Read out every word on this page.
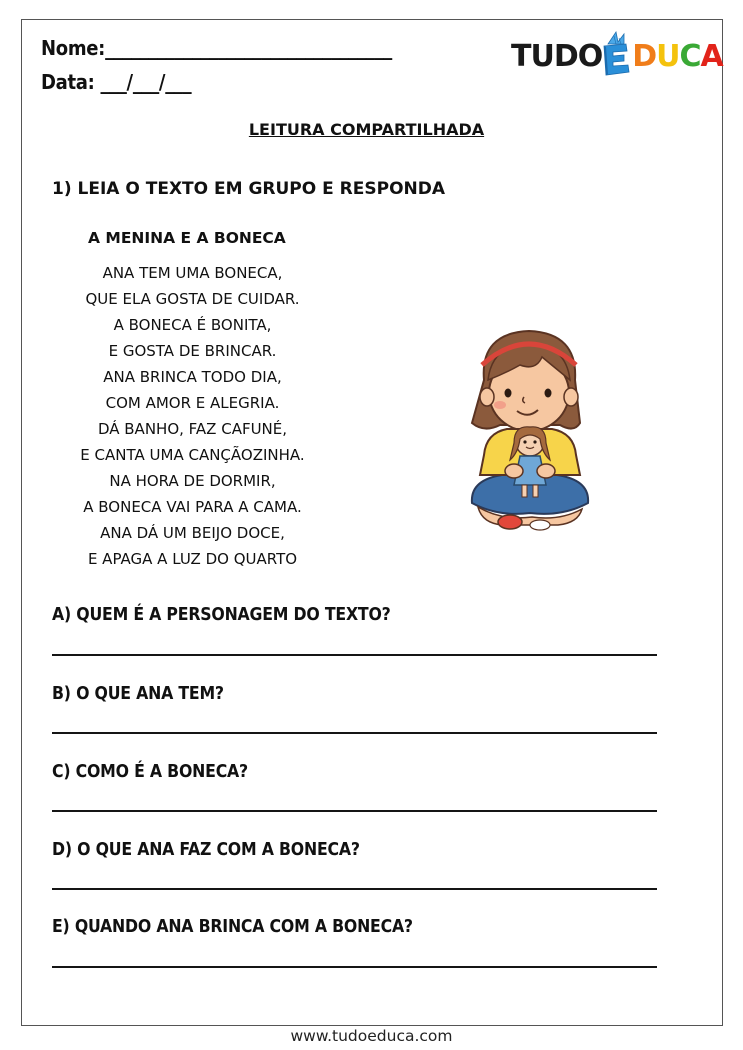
Nome:_________________________________
Data: ___/___/___
TUDO DUCA
LEITURA COMPARTILHADA
1) LEIA O TEXTO EM GRUPO E RESPONDA
A MENINA E A BONECA
ANA TEM UMA BONECA,
QUE ELA GOSTA DE CUIDAR.
A BONECA É BONITA,
E GOSTA DE BRINCAR.
ANA BRINCA TODO DIA,
COM AMOR E ALEGRIA.
DÁ BANHO, FAZ CAFUNÉ,
E CANTA UMA CANÇÃOZINHA.
NA HORA DE DORMIR,
A BONECA VAI PARA A CAMA.
ANA DÁ UM BEIJO DOCE,
E APAGA A LUZ DO QUARTO
A) QUEM É A PERSONAGEM DO TEXTO?
B) O QUE ANA TEM?
C) COMO É A BONECA?
D) O QUE ANA FAZ COM A BONECA?
E) QUANDO ANA BRINCA COM A BONECA?
www.tudoeduca.com
